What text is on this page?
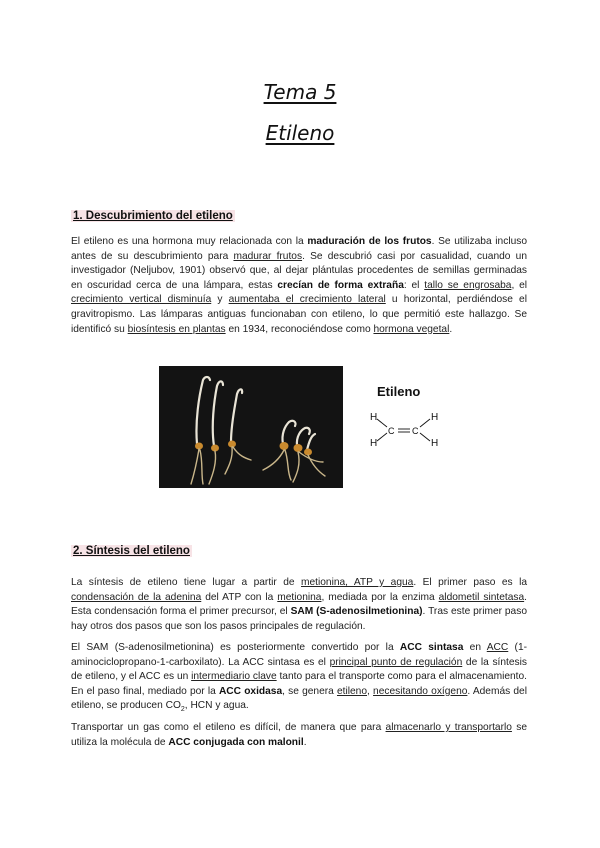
Tema 5
Etileno
1. Descubrimiento del etileno

El etileno es una hormona muy relacionada con la maduración de los frutos. Se utilizaba incluso antes de su descubrimiento para madurar frutos. Se descubrió casi por casualidad, cuando un investigador (Neljubov, 1901) observó que, al dejar plántulas procedentes de semillas germinadas en oscuridad cerca de una lámpara, estas crecían de forma extraña: el tallo se engrosaba, el crecimiento vertical disminuía y aumentaba el crecimiento lateral u horizontal, perdiéndose el gravitropismo. Las lámparas antiguas funcionaban con etileno, lo que permitió este hallazgo. Se identificó su biosíntesis en plantas en 1934, reconociéndose como hormona vegetal.

Etileno
H
H
H
H
C C
2. Síntesis del etileno

La síntesis de etileno tiene lugar a partir de metionina, ATP y agua. El primer paso es la condensación de la adenina del ATP con la metionina, mediada por la enzima aldometil sintetasa. Esta condensación forma el primer precursor, el SAM (S-adenosilmetionina). Tras este primer paso hay otros dos pasos que son los pasos principales de regulación.

El SAM (S-adenosilmetionina) es posteriormente convertido por la ACC sintasa en ACC (1-aminociclopropano-1-carboxilato). La ACC sintasa es el principal punto de regulación de la síntesis de etileno, y el ACC es un intermediario clave tanto para el transporte como para el almacenamiento. En el paso final, mediado por la ACC oxidasa, se genera etileno, necesitando oxígeno. Además del etileno, se producen $CO_2$, HCN y agua.

Transportar un gas como el etileno es difícil, de manera que para almacenarlo y transportarlo se utiliza la molécula de ACC conjugada con malonil.
